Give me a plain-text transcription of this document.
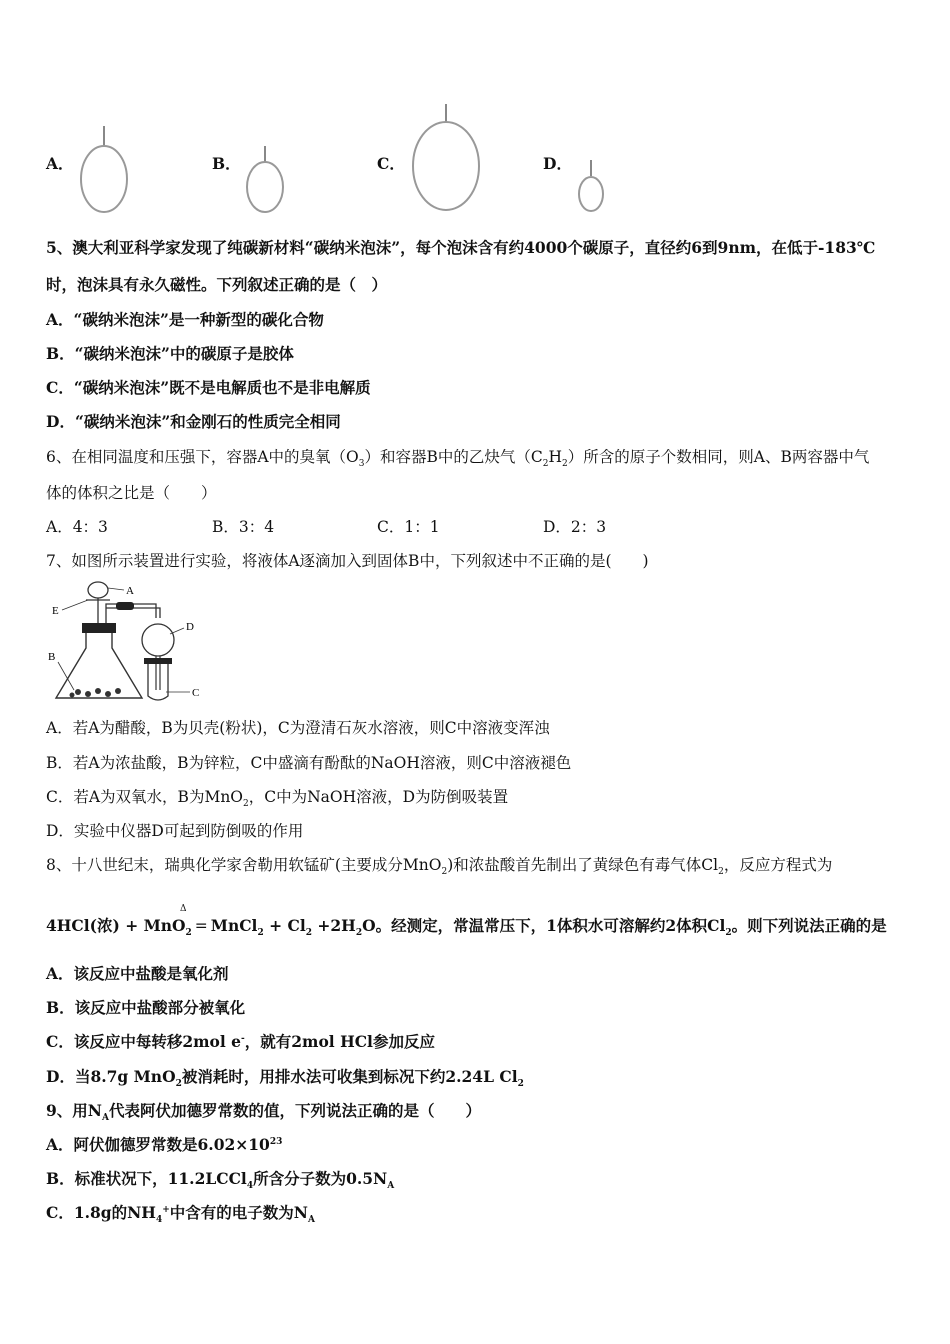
A．	B．	C．	D．
5、澳大利亚科学家发现了纯碳新材料“碳纳米泡沫”，每个泡沫含有约4000个碳原子，直径约6到9nm，在低于-183℃
时，泡沫具有永久磁性。下列叙述正确的是（　）
A．“碳纳米泡沫”是一种新型的碳化合物
B．“碳纳米泡沫”中的碳原子是胶体
C．“碳纳米泡沫”既不是电解质也不是非电解质
D．“碳纳米泡沫”和金刚石的性质完全相同
6、在相同温度和压强下，容器A中的臭氧$(O_3)$和容器B中的乙炔气$(C_2H_2)$所含的原子个数相同，则A、B两容器中气
体的体积之比是（　　）
A．4：3	B．3：4	C．1：1	D．2：3
7、如图所示装置进行实验，将液体A逐滴加入到固体B中，下列叙述中不正确的是(　　)
A
E
B
D
C
A．若A为醋酸，B为贝壳(粉状)，C为澄清石灰水溶液，则C中溶液变浑浊
B．若A为浓盐酸，B为锌粒，C中盛滴有酚酞的NaOH溶液，则C中溶液褪色
C．若A为双氧水，B为MnO$_2$，C中为NaOH溶液，D为防倒吸装置
D．实验中仪器D可起到防倒吸的作用
8、十八世纪末，瑞典化学家舍勒用软锰矿(主要成分MnO$_2$)和浓盐酸首先制出了黄绿色有毒气体$Cl_2$，反应方程式为
Δ
4HCl(浓) + MnO$_2$ = MnCl$_2$ + $Cl_2 +2H_2O$。经测定，常温常压下，1体积水可溶解约2体积$Cl_2$。则下列说法正确的是
A．该反应中盐酸是氧化剂
B．该反应中盐酸部分被氧化
C．该反应中每转移2mol e-，就有2mol HCl参加反应
D．当8.7g MnO$_2$被消耗时，用排水法可收集到标况下约2.24L $Cl_2$
9、用$N_A$代表阿伏加德罗常数的值，下列说法正确的是（　　）
A．阿伏伽德罗常数是$6.02\times 10^{23}$
B．标准状况下，11.2LCCl$_4$所含分子数为$0.5N_A$
C．1.8g的$NH_4^+$中含有的电子数为$N_A$
